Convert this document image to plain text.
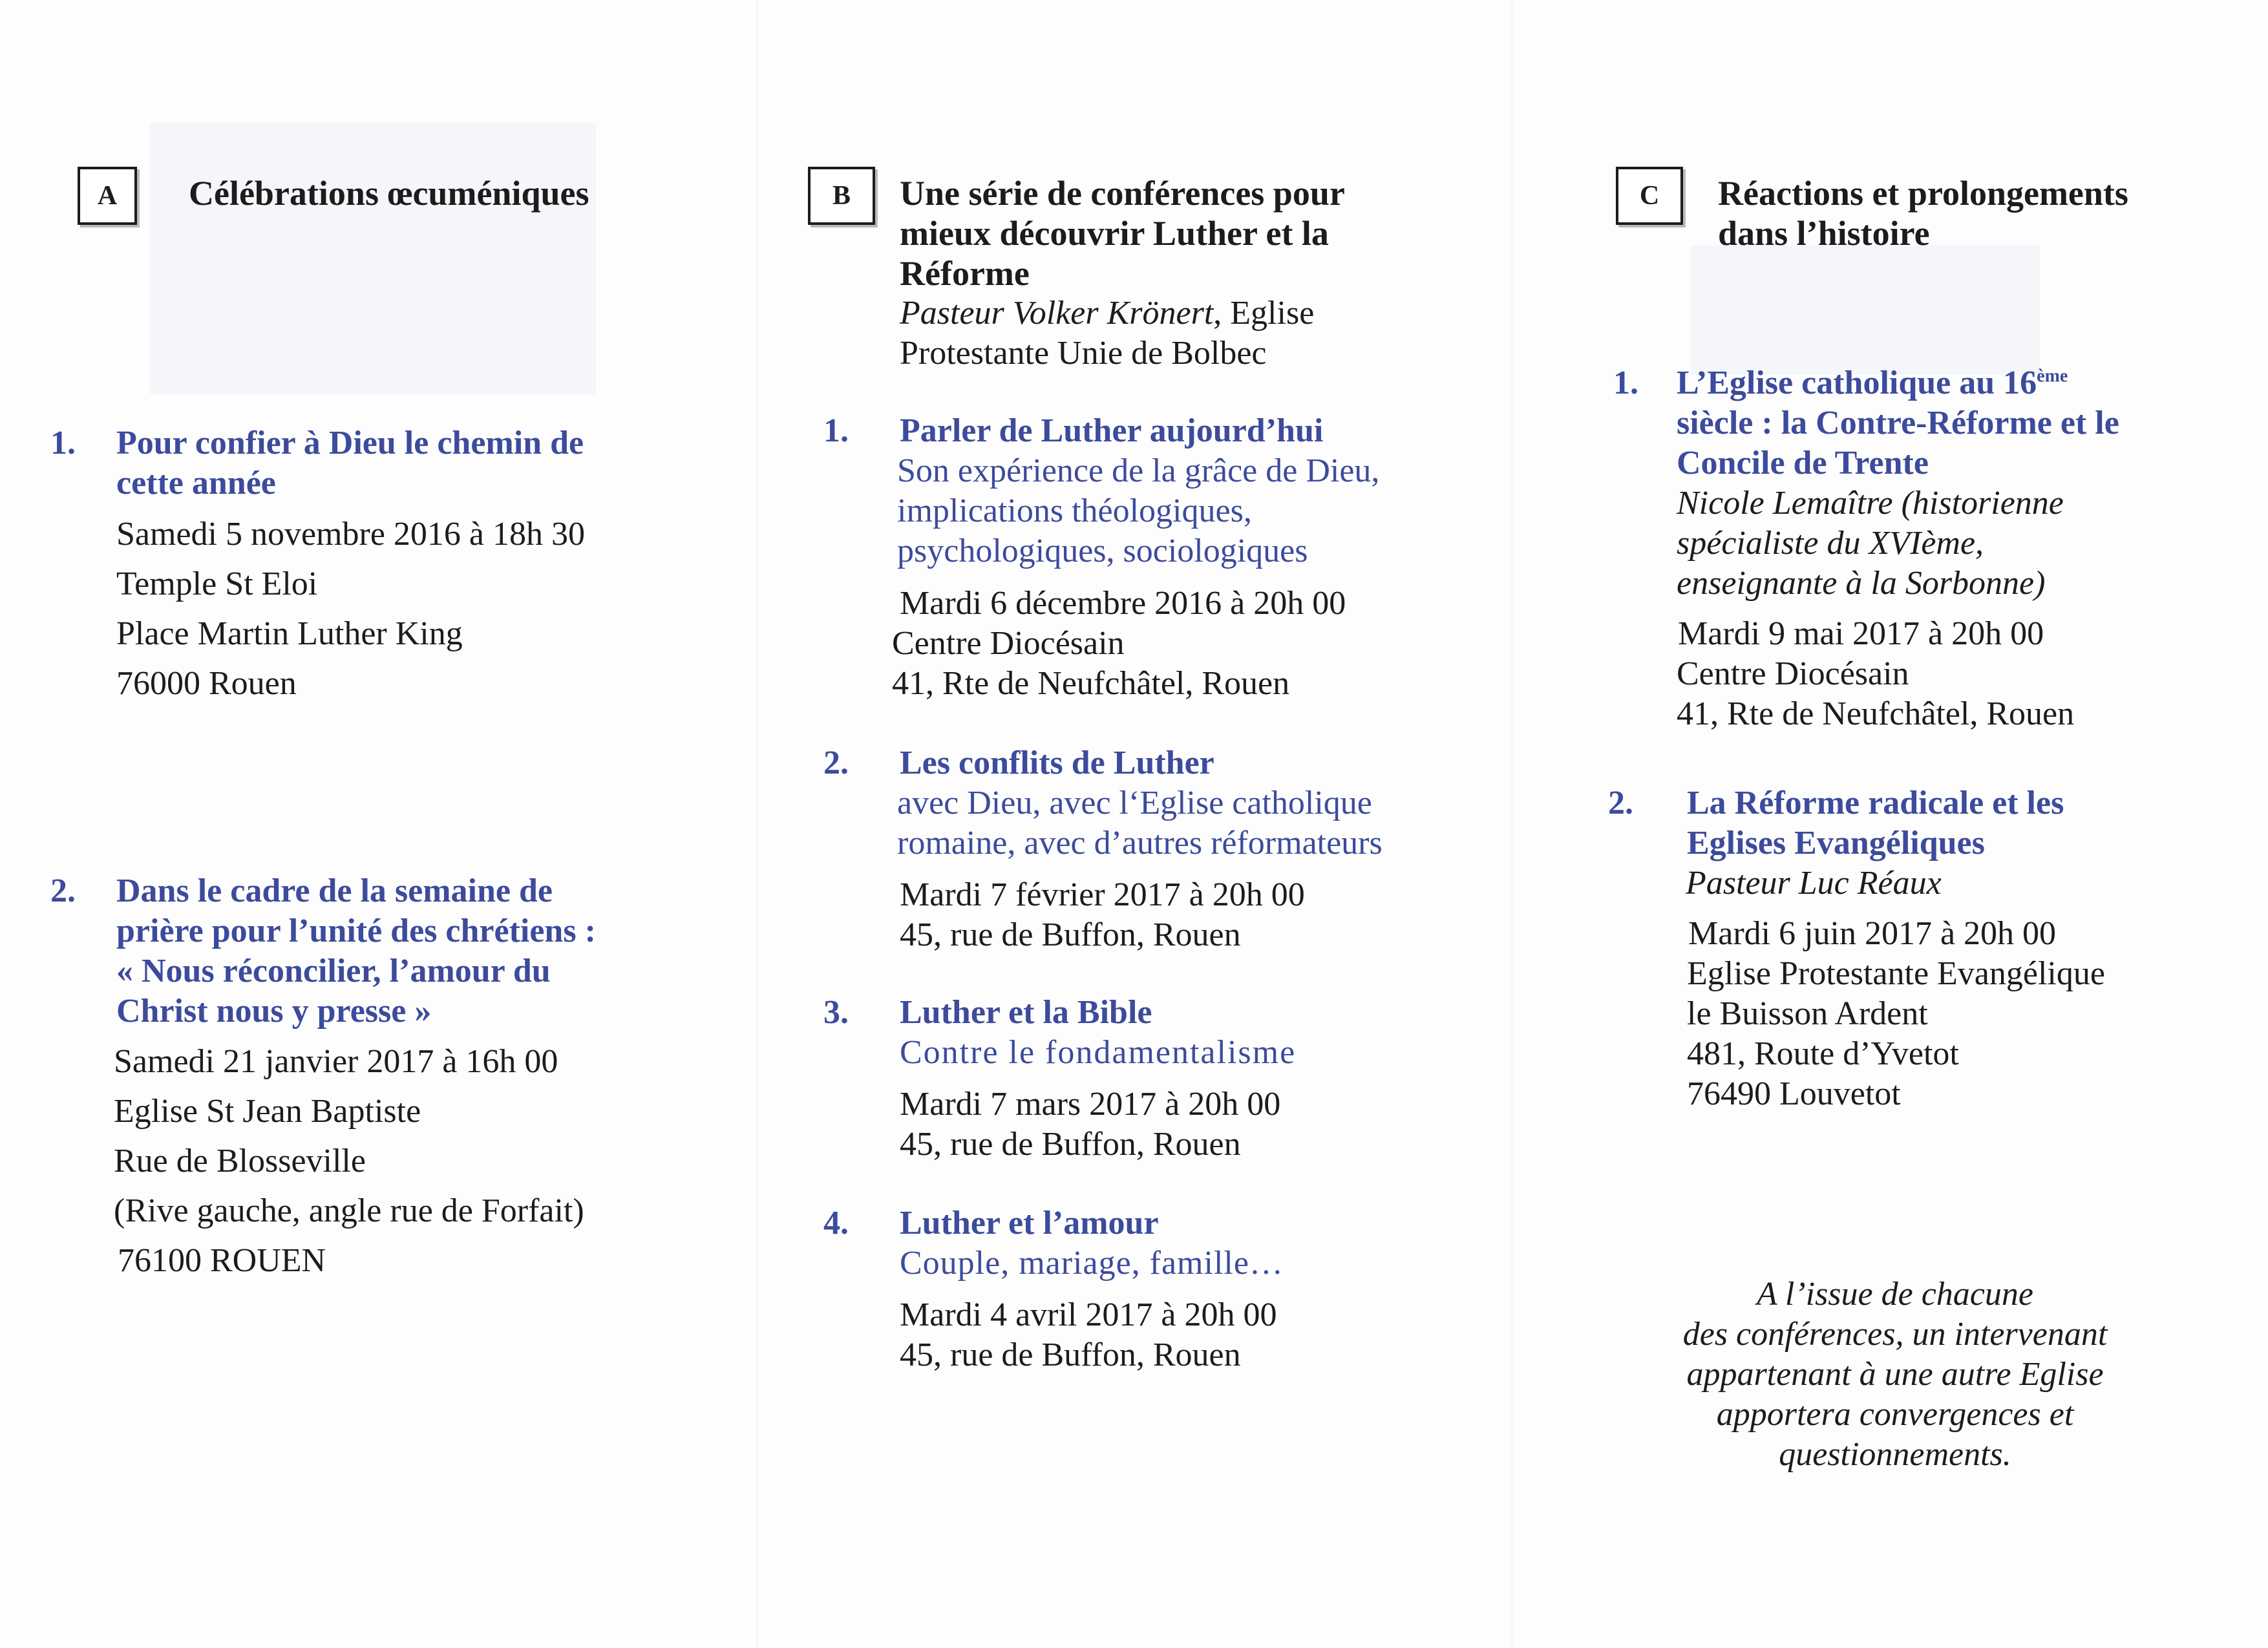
A	Célébrations œcuméniques
1. Pour confier à Dieu le chemin de
cette année
Samedi 5 novembre 2016 à 18h 30
Temple St Eloi
Place Martin Luther King
76000 Rouen
2. Dans le cadre de la semaine de
prière pour l’unité des chrétiens :
« Nous réconcilier, l’amour du
Christ nous y presse »
Samedi 21 janvier 2017 à 16h 00
Eglise St Jean Baptiste
Rue de Blosseville
(Rive gauche, angle rue de Forfait)
76100 ROUEN
B	Une série de conférences pour
mieux découvrir Luther et la
Réforme
Pasteur Volker Krönert, Eglise
Protestante Unie de Bolbec
1. Parler de Luther aujourd’hui
Son expérience de la grâce de Dieu,
implications théologiques,
psychologiques, sociologiques
Mardi 6 décembre 2016 à 20h 00
Centre Diocésain
41, Rte de Neufchâtel, Rouen
2. Les conflits de Luther
avec Dieu, avec l‘Eglise catholique
romaine, avec d’autres réformateurs
Mardi 7 février 2017 à 20h 00
45, rue de Buffon, Rouen
3. Luther et la Bible
Contre le fondamentalisme
Mardi 7 mars 2017 à 20h 00
45, rue de Buffon, Rouen
4. Luther et l’amour
Couple, mariage, famille…
Mardi 4 avril 2017 à 20h 00
45, rue de Buffon, Rouen
C	Réactions et prolongements
dans l’histoire
1. L’Eglise catholique au 16ème
siècle : la Contre-Réforme et le
Concile de Trente
Nicole Lemaître (historienne
spécialiste du XVIème,
enseignante à la Sorbonne)
Mardi 9 mai 2017 à 20h 00
Centre Diocésain
41, Rte de Neufchâtel, Rouen
2. La Réforme radicale et les
Eglises Evangéliques
Pasteur Luc Réaux
Mardi 6 juin 2017 à 20h 00
Eglise Protestante Evangélique
le Buisson Ardent
481, Route d’Yvetot
76490 Louvetot
A l’issue de chacune
des conférences, un intervenant
appartenant à une autre Eglise
apportera convergences et
questionnements.
